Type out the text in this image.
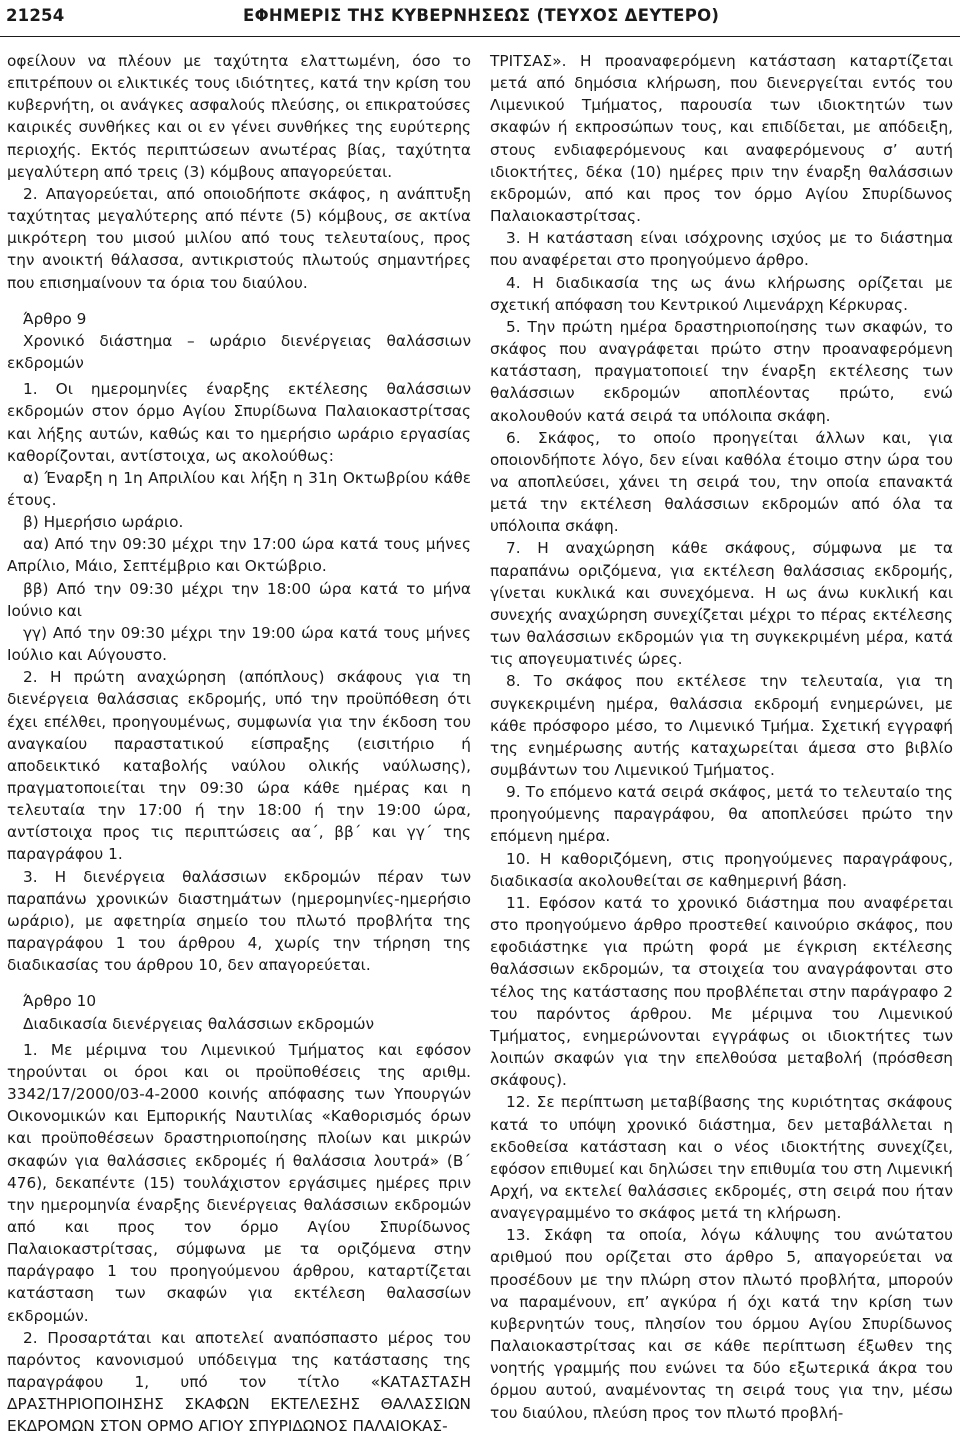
21254	ΕΦΗΜΕΡΙΣ ΤΗΣ ΚΥΒΕΡΝΗΣΕΩΣ (ΤΕΥΧΟΣ ΔΕΥΤΕΡΟ)

οφείλουν να πλέουν με ταχύτητα ελαττωμένη, όσο το επιτρέπουν οι ελικτικές τους ιδιότητες, κατά την κρίση του κυβερνήτη, οι ανάγκες ασφαλούς πλεύσης, οι επικρατούσες καιρικές συνθήκες και οι εν γένει συνθήκες της ευρύτερης περιοχής. Εκτός περιπτώσεων ανωτέρας βίας, ταχύτητα μεγαλύτερη από τρεις (3) κόμβους απαγορεύεται.

2. Απαγορεύεται, από οποιοδήποτε σκάφος, η ανάπτυξη ταχύτητας μεγαλύτερης από πέντε (5) κόμβους, σε ακτίνα μικρότερη του μισού μιλίου από τους τελευταίους, προς την ανοικτή θάλασσα, αντικριστούς πλωτούς σημαντήρες που επισημαίνουν τα όρια του διαύλου.

Άρθρο 9

Χρονικό διάστημα – ωράριο διενέργειας θαλάσσιων εκδρομών

1. Οι ημερομηνίες έναρξης εκτέλεσης θαλάσσιων εκδρομών στον όρμο Αγίου Σπυρίδωνα Παλαιοκαστρίτσας και λήξης αυτών, καθώς και το ημερήσιο ωράριο εργασίας καθορίζονται, αντίστοιχα, ως ακολούθως:

α) Έναρξη η 1η Απριλίου και λήξη η 31η Οκτωβρίου κάθε έτους.

β) Ημερήσιο ωράριο.

αα) Από την 09:30 μέχρι την 17:00 ώρα κατά τους μήνες Απρίλιο, Μάιο, Σεπτέμβριο και Οκτώβριο.

ββ) Από την 09:30 μέχρι την 18:00 ώρα κατά το μήνα Ιούνιο και

γγ) Από την 09:30 μέχρι την 19:00 ώρα κατά τους μήνες Ιούλιο και Αύγουστο.

2. Η πρώτη αναχώρηση (απόπλους) σκάφους για τη διενέργεια θαλάσσιας εκδρομής, υπό την προϋπόθεση ότι έχει επέλθει, προηγουμένως, συμφωνία για την έκδοση του αναγκαίου παραστατικού είσπραξης (εισιτήριο ή αποδεικτικό καταβολής ναύλου ολικής ναύλωσης), πραγματοποιείται την 09:30 ώρα κάθε ημέρας και η τελευταία την 17:00 ή την 18:00 ή την 19:00 ώρα, αντίστοιχα προς τις περιπτώσεις αα΄, ββ΄ και γγ΄ της παραγράφου 1.

3. Η διενέργεια θαλάσσιων εκδρομών πέραν των παραπάνω χρονικών διαστημάτων (ημερομηνίες-ημερήσιο ωράριο), με αφετηρία σημείο του πλωτό προβλήτα της παραγράφου 1 του άρθρου 4, χωρίς την τήρηση της διαδικασίας του άρθρου 10, δεν απαγορεύεται.

Άρθρο 10

Διαδικασία διενέργειας θαλάσσιων εκδρομών

1. Με μέριμνα του Λιμενικού Τμήματος και εφόσον τηρούνται οι όροι και οι προϋποθέσεις της αριθμ. 3342/17/2000/03-4-2000 κοινής απόφασης των Υπουργών Οικονομικών και Εμπορικής Ναυτιλίας «Καθορισμός όρων και προϋποθέσεων δραστηριοποίησης πλοίων και μικρών σκαφών για θαλάσσιες εκδρομές ή θαλάσσια λουτρά» (Β΄ 476), δεκαπέντε (15) τουλάχιστον εργάσιμες ημέρες πριν την ημερομηνία έναρξης διενέργειας θαλάσσιων εκδρομών από και προς τον όρμο Αγίου Σπυρίδωνος Παλαιοκαστρίτσας, σύμφωνα με τα οριζόμενα στην παράγραφο 1 του προηγούμενου άρθρου, καταρτίζεται κατάσταση των σκαφών για εκτέλεση θαλασσίων εκδρομών.

2. Προσαρτάται και αποτελεί αναπόσπαστο μέρος του παρόντος κανονισμού υπόδειγμα της κατάστασης της παραγράφου 1, υπό τον τίτλο «ΚΑΤΑΣΤΑΣΗ ΔΡΑΣΤΗΡΙΟΠΟΙΗΣΗΣ ΣΚΑΦΩΝ ΕΚΤΕΛΕΣΗΣ ΘΑΛΑΣΣΙΩΝ ΕΚΔΡΟΜΩΝ ΣΤΟΝ ΟΡΜΟ ΑΓΙΟΥ ΣΠΥΡΙΔΩΝΟΣ ΠΑΛΑΙΟΚΑΣ-

ΤΡΙΤΣΑΣ». Η προαναφερόμενη κατάσταση καταρτίζεται μετά από δημόσια κλήρωση, που διενεργείται εντός του Λιμενικού Τμήματος, παρουσία των ιδιοκτητών των σκαφών ή εκπροσώπων τους, και επιδίδεται, με απόδειξη, στους ενδιαφερόμενους και αναφερόμενους σ’ αυτή ιδιοκτήτες, δέκα (10) ημέρες πριν την έναρξη θαλάσσιων εκδρομών, από και προς τον όρμο Αγίου Σπυρίδωνος Παλαιοκαστρίτσας.

3. Η κατάσταση είναι ισόχρονης ισχύος με το διάστημα που αναφέρεται στο προηγούμενο άρθρο.

4. Η διαδικασία της ως άνω κλήρωσης ορίζεται με σχετική απόφαση του Κεντρικού Λιμενάρχη Κέρκυρας.

5. Την πρώτη ημέρα δραστηριοποίησης των σκαφών, το σκάφος που αναγράφεται πρώτο στην προαναφερόμενη κατάσταση, πραγματοποιεί την έναρξη εκτέλεσης των θαλάσσιων εκδρομών αποπλέοντας πρώτο, ενώ ακολουθούν κατά σειρά τα υπόλοιπα σκάφη.

6. Σκάφος, το οποίο προηγείται άλλων και, για οποιονδήποτε λόγο, δεν είναι καθόλα έτοιμο στην ώρα του να αποπλεύσει, χάνει τη σειρά του, την οποία επανακτά μετά την εκτέλεση θαλάσσιων εκδρομών από όλα τα υπόλοιπα σκάφη.

7. Η αναχώρηση κάθε σκάφους, σύμφωνα με τα παραπάνω οριζόμενα, για εκτέλεση θαλάσσιας εκδρομής, γίνεται κυκλικά και συνεχόμενα. Η ως άνω κυκλική και συνεχής αναχώρηση συνεχίζεται μέχρι το πέρας εκτέλεσης των θαλάσσιων εκδρομών για τη συγκεκριμένη μέρα, κατά τις απογευματινές ώρες.

8. Το σκάφος που εκτέλεσε την τελευταία, για τη συγκεκριμένη ημέρα, θαλάσσια εκδρομή ενημερώνει, με κάθε πρόσφορο μέσο, το Λιμενικό Τμήμα. Σχετική εγγραφή της ενημέρωσης αυτής καταχωρείται άμεσα στο βιβλίο συμβάντων του Λιμενικού Τμήματος.

9. Το επόμενο κατά σειρά σκάφος, μετά το τελευταίο της προηγούμενης παραγράφου, θα αποπλεύσει πρώτο την επόμενη ημέρα.

10. Η καθοριζόμενη, στις προηγούμενες παραγράφους, διαδικασία ακολουθείται σε καθημερινή βάση.

11. Εφόσον κατά το χρονικό διάστημα που αναφέρεται στο προηγούμενο άρθρο προστεθεί καινούριο σκάφος, που εφοδιάστηκε για πρώτη φορά με έγκριση εκτέλεσης θαλάσσιων εκδρομών, τα στοιχεία του αναγράφονται στο τέλος της κατάστασης που προβλέπεται στην παράγραφο 2 του παρόντος άρθρου. Με μέριμνα του Λιμενικού Τμήματος, ενημερώνονται εγγράφως οι ιδιοκτήτες των λοιπών σκαφών για την επελθούσα μεταβολή (πρόσθεση σκάφους).

12. Σε περίπτωση μεταβίβασης της κυριότητας σκάφους κατά το υπόψη χρονικό διάστημα, δεν μεταβάλλεται η εκδοθείσα κατάσταση και ο νέος ιδιοκτήτης συνεχίζει, εφόσον επιθυμεί και δηλώσει την επιθυμία του στη Λιμενική Αρχή, να εκτελεί θαλάσσιες εκδρομές, στη σειρά που ήταν αναγεγραμμένο το σκάφος μετά τη κλήρωση.

13. Σκάφη τα οποία, λόγω κάλυψης του ανώτατου αριθμού που ορίζεται στο άρθρο 5, απαγορεύεται να προσέδουν με την πλώρη στον πλωτό προβλήτα, μπορούν να παραμένουν, επ’ αγκύρα ή όχι κατά την κρίση των κυβερνητών τους, πλησίον του όρμου Αγίου Σπυρίδωνος Παλαιοκαστρίτσας και σε κάθε περίπτωση έξωθεν της νοητής γραμμής που ενώνει τα δύο εξωτερικά άκρα του όρμου αυτού, αναμένοντας τη σειρά τους για την, μέσω του διαύλου, πλεύση προς τον πλωτό προβλή-
